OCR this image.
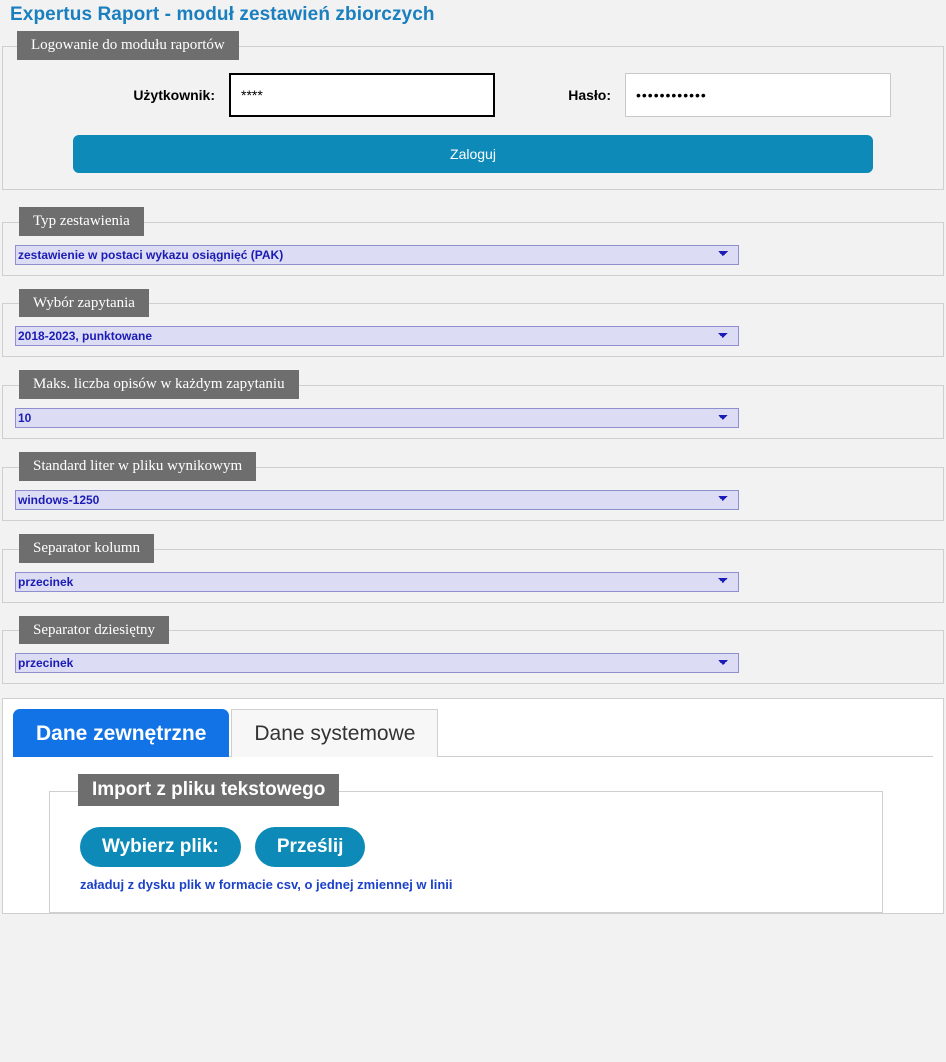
Expertus Raport - moduł zestawień zbiorczych
Logowanie do modułu raportów
Użytkownik:
****	Hasło:
••••••••••••
Zaloguj
Typ zestawienia
zestawienie w postaci wykazu osiągnięć (PAK)
Wybór zapytania
2018-2023, punktowane
Maks. liczba opisów w każdym zapytaniu
10
Standard liter w pliku wynikowym
windows-1250
Separator kolumn
przecinek
Separator dziesiętny
przecinek
Dane zewnętrzne	Dane systemowe
Import z pliku tekstowego
Wybierz plik:	Prześlij
załaduj z dysku plik w formacie csv, o jednej zmiennej w linii
